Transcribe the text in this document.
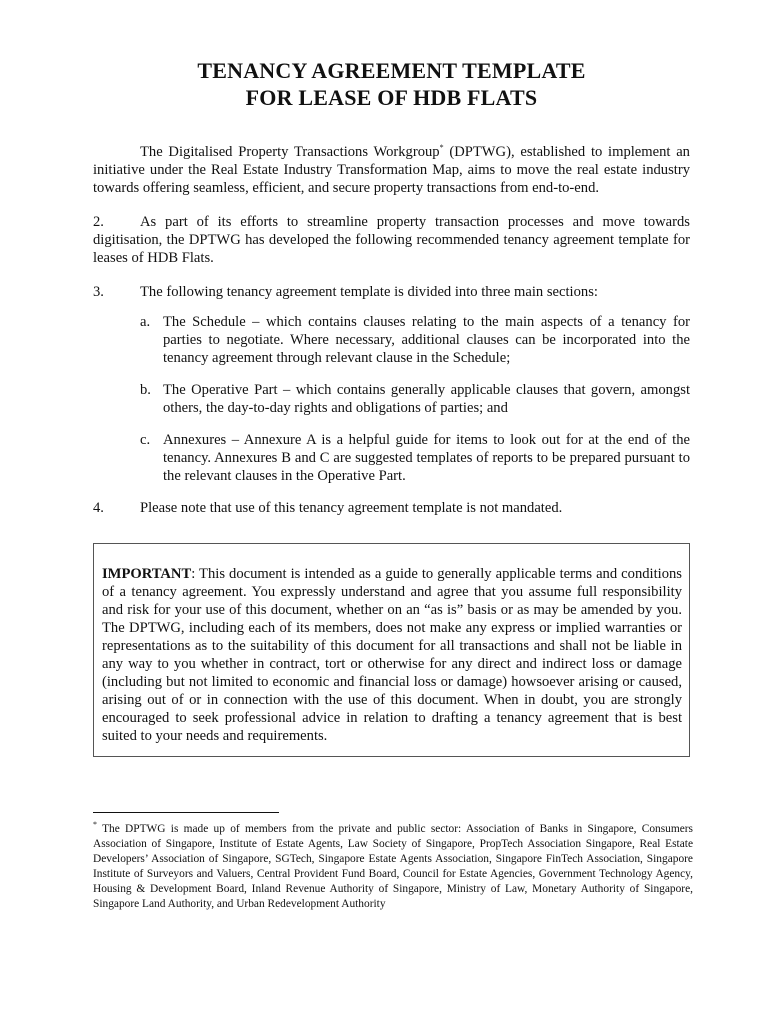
TENANCY AGREEMENT TEMPLATE
FOR LEASE OF HDB FLATS

The Digitalised Property Transactions Workgroup* (DPTWG), established to implement an initiative under the Real Estate Industry Transformation Map, aims to move the real estate industry towards offering seamless, efficient, and secure property transactions from end-to-end.

2. As part of its efforts to streamline property transaction processes and move towards digitisation, the DPTWG has developed the following recommended tenancy agreement template for leases of HDB Flats.

3.	The following tenancy agreement template is divided into three main sections:
a. The Schedule – which contains clauses relating to the main aspects of a tenancy for parties to negotiate. Where necessary, additional clauses can be incorporated into the tenancy agreement through relevant clause in the Schedule;
b. The Operative Part – which contains generally applicable clauses that govern, amongst others, the day-to-day rights and obligations of parties; and
c. Annexures – Annexure A is a helpful guide for items to look out for at the end of the tenancy. Annexures B and C are suggested templates of reports to be prepared pursuant to the relevant clauses in the Operative Part.
4.	Please note that use of this tenancy agreement template is not mandated.
IMPORTANT: This document is intended as a guide to generally applicable terms and conditions of a tenancy agreement. You expressly understand and agree that you assume full responsibility and risk for your use of this document, whether on an “as is” basis or as may be amended by you. The DPTWG, including each of its members, does not make any express or implied warranties or representations as to the suitability of this document for all transactions and shall not be liable in any way to you whether in contract, tort or otherwise for any direct and indirect loss or damage (including but not limited to economic and financial loss or damage) howsoever arising or caused, arising out of or in connection with the use of this document. When in doubt, you are strongly encouraged to seek professional advice in relation to drafting a tenancy agreement that is best suited to your needs and requirements.

* The DPTWG is made up of members from the private and public sector: Association of Banks in Singapore, Consumers Association of Singapore, Institute of Estate Agents, Law Society of Singapore, PropTech Association Singapore, Real Estate Developers’ Association of Singapore, SGTech, Singapore Estate Agents Association, Singapore FinTech Association, Singapore Institute of Surveyors and Valuers, Central Provident Fund Board, Council for Estate Agencies, Government Technology Agency, Housing & Development Board, Inland Revenue Authority of Singapore, Ministry of Law, Monetary Authority of Singapore, Singapore Land Authority, and Urban Redevelopment Authority
